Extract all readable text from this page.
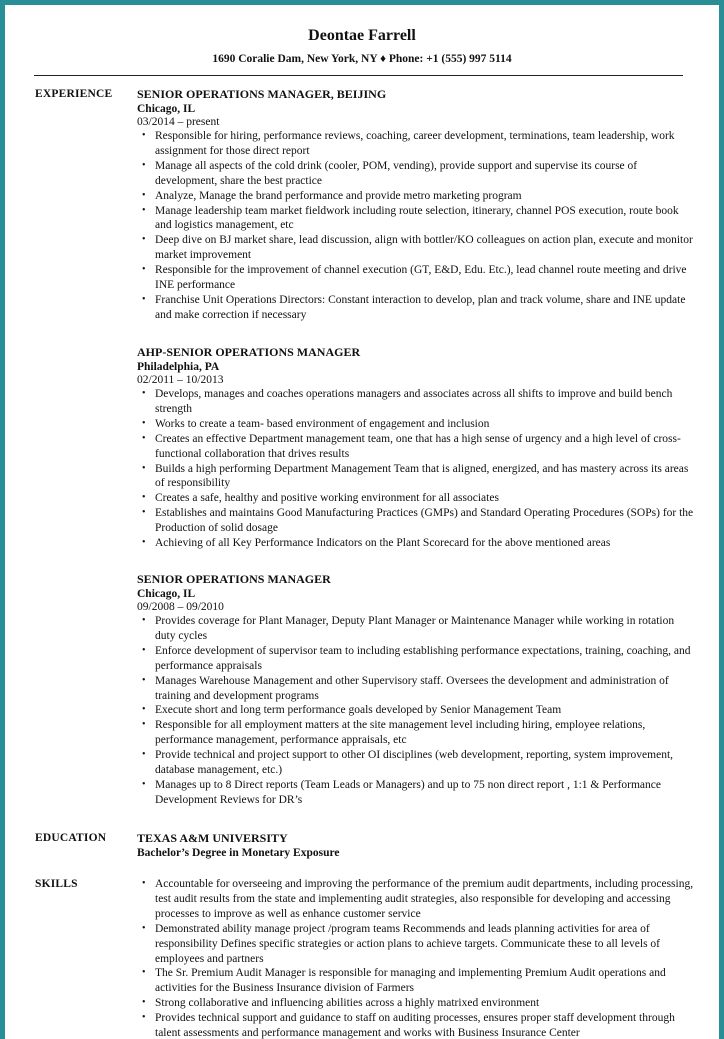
Deontae Farrell
1690 Coralie Dam, New York, NY ♦ Phone: +1 (555) 997 5114
EXPERIENCE SENIOR OPERATIONS MANAGER, BEIJING
Chicago, IL
03/2014 – present
• Responsible for hiring, performance reviews, coaching, career development, terminations, team leadership, work assignment for those direct report
• Manage all aspects of the cold drink (cooler, POM, vending), provide support and supervise its course of development, share the best practice
• Analyze, Manage the brand performance and provide metro marketing program
• Manage leadership team market fieldwork including route selection, itinerary, channel POS execution, route book and logistics management, etc
• Deep dive on BJ market share, lead discussion, align with bottler/KO colleagues on action plan, execute and monitor market improvement
• Responsible for the improvement of channel execution (GT, E&D, Edu. Etc.), lead channel route meeting and drive INE performance
• Franchise Unit Operations Directors: Constant interaction to develop, plan and track volume, share and INE update and make correction if necessary
AHP-SENIOR OPERATIONS MANAGER
Philadelphia, PA
02/2011 – 10/2013
• Develops, manages and coaches operations managers and associates across all shifts to improve and build bench strength
• Works to create a team- based environment of engagement and inclusion
• Creates an effective Department management team, one that has a high sense of urgency and a high level of cross-functional collaboration that drives results
• Builds a high performing Department Management Team that is aligned, energized, and has mastery across its areas of responsibility
• Creates a safe, healthy and positive working environment for all associates
• Establishes and maintains Good Manufacturing Practices (GMPs) and Standard Operating Procedures (SOPs) for the Production of solid dosage
• Achieving of all Key Performance Indicators on the Plant Scorecard for the above mentioned areas
SENIOR OPERATIONS MANAGER
Chicago, IL
09/2008 – 09/2010
• Provides coverage for Plant Manager, Deputy Plant Manager or Maintenance Manager while working in rotation duty cycles
• Enforce development of supervisor team to including establishing performance expectations, training, coaching, and performance appraisals
• Manages Warehouse Management and other Supervisory staff. Oversees the development and administration of training and development programs
• Execute short and long term performance goals developed by Senior Management Team
• Responsible for all employment matters at the site management level including hiring, employee relations, performance management, performance appraisals, etc
• Provide technical and project support to other OI disciplines (web development, reporting, system improvement, database management, etc.)
• Manages up to 8 Direct reports (Team Leads or Managers) and up to 75 non direct report , 1:1 & Performance Development Reviews for DR’s
EDUCATION	TEXAS A&M UNIVERSITY
Bachelor’s Degree in Monetary Exposure
SKILLS	• Accountable for overseeing and improving the performance of the premium audit departments, including processing, test audit results from the state and implementing audit strategies, also responsible for developing and accessing processes to improve as well as enhance customer service
• Demonstrated ability manage project /program teams Recommends and leads planning activities for area of responsibility Defines specific strategies or action plans to achieve targets. Communicate these to all levels of employees and partners
• The Sr. Premium Audit Manager is responsible for managing and implementing Premium Audit operations and activities for the Business Insurance division of Farmers
• Strong collaborative and influencing abilities across a highly matrixed environment
• Provides technical support and guidance to staff on auditing processes, ensures proper staff development through talent assessments and performance management and works with Business Insurance Center
